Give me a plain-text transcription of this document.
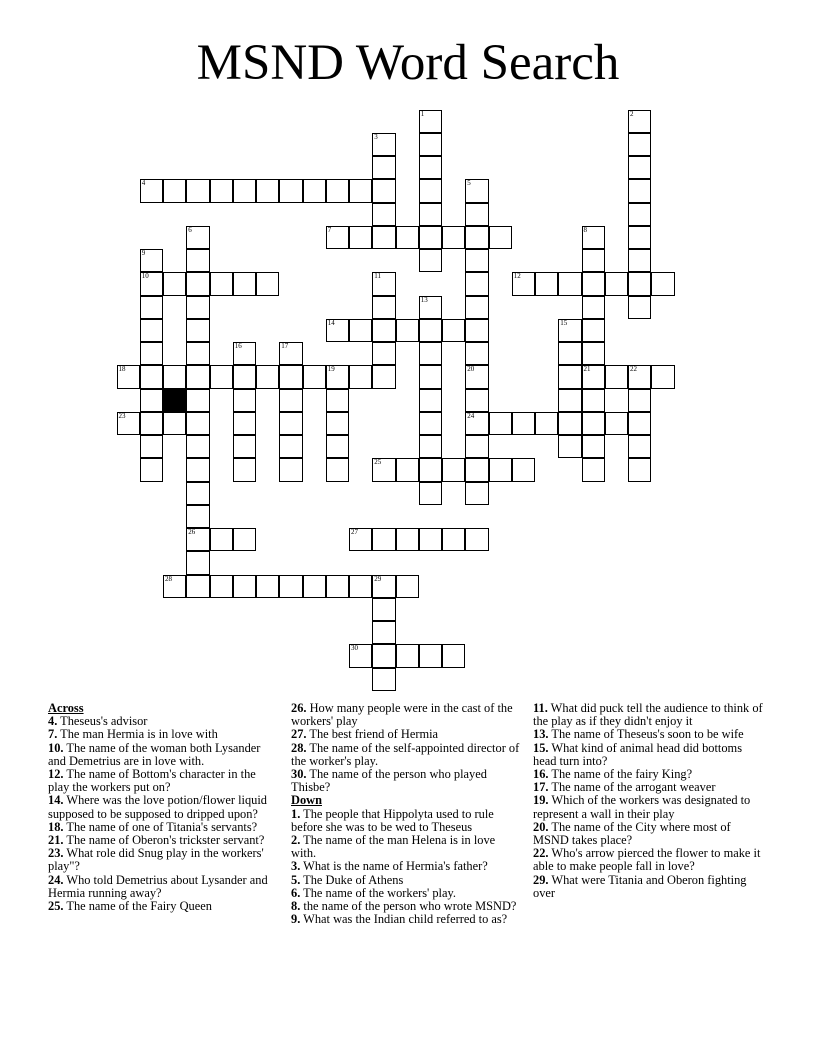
MSND Word Search
4
7
10	12
14
18	19	21	22
23	24
25
26	27
28	29
30
1	2
3
5
20
6	8
9
11
13
15
16	17
Across

4. Theseus's advisor

7. The man Hermia is in love with

10. The name of the woman both Lysander and Demetrius are in love with.

12. The name of Bottom's character in the play the workers put on?

14. Where was the love potion/flower liquid supposed to be supposed to dripped upon?

18. The name of one of Titania's servants?

21. The name of Oberon's trickster servant?

23. What role did Snug play in the workers' play"?

24. Who told Demetrius about Lysander and Hermia running away?

25. The name of the Fairy Queen

26. How many people were in the cast of the workers' play

27. The best friend of Hermia

28. The name of the self-appointed director of the worker's play.

30. The name of the person who played Thisbe?

Down

1. The people that Hippolyta used to rule before she was to be wed to Theseus

2. The name of the man Helena is in love with.

3. What is the name of Hermia's father?

5. The Duke of Athens

6. The name of the workers' play.

8. the name of the person who wrote MSND?

9. What was the Indian child referred to as?

11. What did puck tell the audience to think of the play as if they didn't enjoy it

13. The name of Theseus's soon to be wife

15. What kind of animal head did bottoms head turn into?

16. The name of the fairy King?

17. The name of the arrogant weaver

19. Which of the workers was designated to represent a wall in their play

20. The name of the City where most of MSND takes place?

22. Who's arrow pierced the flower to make it able to make people fall in love?

29. What were Titania and Oberon fighting over
